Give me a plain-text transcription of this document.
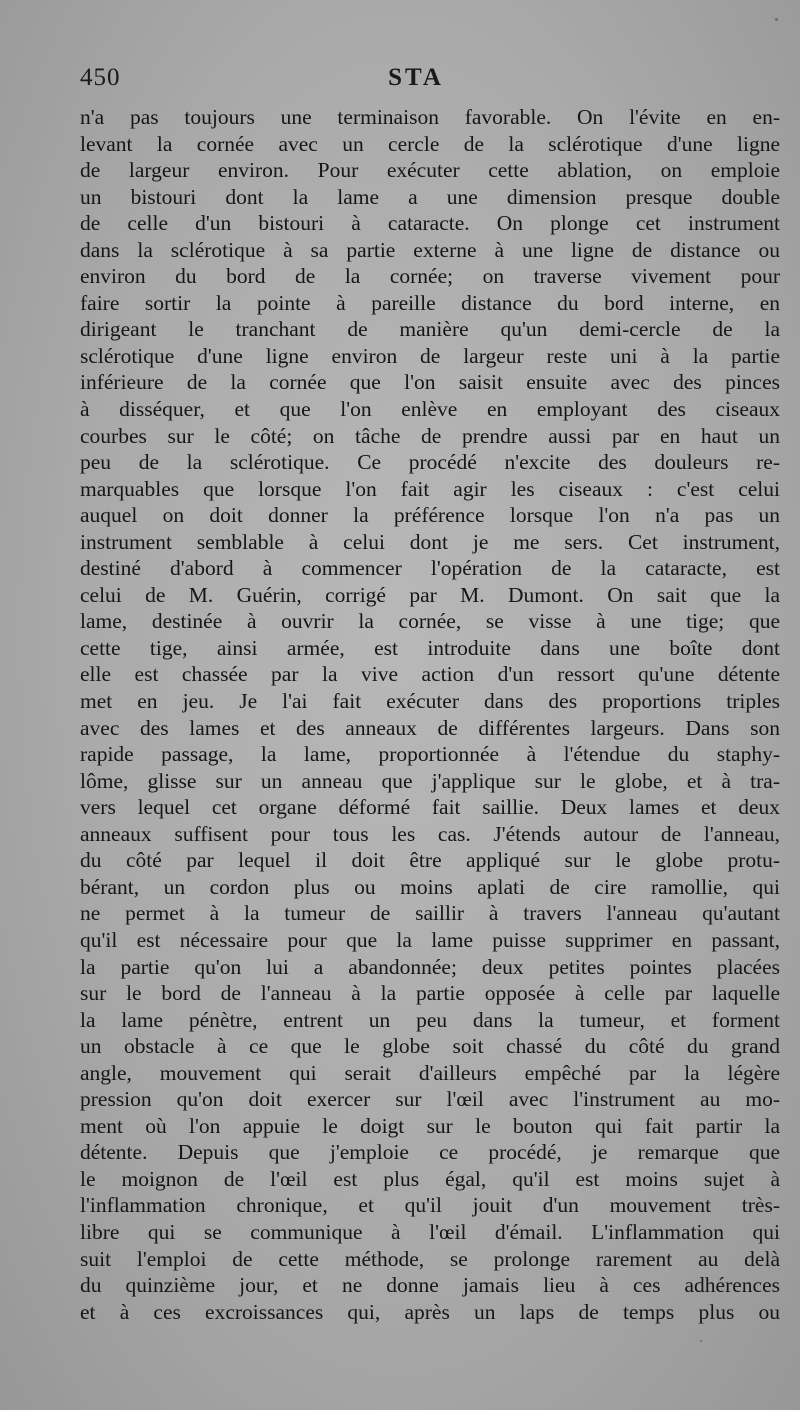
450	STA
n'a pas toujours une terminaison favorable. On l'évite en en-
levant la cornée avec un cercle de la sclérotique d'une ligne
de largeur environ. Pour exécuter cette ablation, on emploie
un bistouri dont la lame a une dimension presque double
de celle d'un bistouri à cataracte. On plonge cet instrument
dans la sclérotique à sa partie externe à une ligne de distance ou
environ du bord de la cornée; on traverse vivement pour
faire sortir la pointe à pareille distance du bord interne, en
dirigeant le tranchant de manière qu'un demi-cercle de la
sclérotique d'une ligne environ de largeur reste uni à la partie
inférieure de la cornée que l'on saisit ensuite avec des pinces
à disséquer, et que l'on enlève en employant des ciseaux
courbes sur le côté; on tâche de prendre aussi par en haut un
peu de la sclérotique. Ce procédé n'excite des douleurs re-
marquables que lorsque l'on fait agir les ciseaux : c'est celui
auquel on doit donner la préférence lorsque l'on n'a pas un
instrument semblable à celui dont je me sers. Cet instrument,
destiné d'abord à commencer l'opération de la cataracte, est
celui de M. Guérin, corrigé par M. Dumont. On sait que la
lame, destinée à ouvrir la cornée, se visse à une tige; que
cette tige, ainsi armée, est introduite dans une boîte dont
elle est chassée par la vive action d'un ressort qu'une détente
met en jeu. Je l'ai fait exécuter dans des proportions triples
avec des lames et des anneaux de différentes largeurs. Dans son
rapide passage, la lame, proportionnée à l'étendue du staphy-
lôme, glisse sur un anneau que j'applique sur le globe, et à tra-
vers lequel cet organe déformé fait saillie. Deux lames et deux
anneaux suffisent pour tous les cas. J'étends autour de l'anneau,
du côté par lequel il doit être appliqué sur le globe protu-
bérant, un cordon plus ou moins aplati de cire ramollie, qui
ne permet à la tumeur de saillir à travers l'anneau qu'autant
qu'il est nécessaire pour que la lame puisse supprimer en passant,
la partie qu'on lui a abandonnée; deux petites pointes placées
sur le bord de l'anneau à la partie opposée à celle par laquelle
la lame pénètre, entrent un peu dans la tumeur, et forment
un obstacle à ce que le globe soit chassé du côté du grand
angle, mouvement qui serait d'ailleurs empêché par la légère
pression qu'on doit exercer sur l'œil avec l'instrument au mo-
ment où l'on appuie le doigt sur le bouton qui fait partir la
détente. Depuis que j'emploie ce procédé, je remarque que
le moignon de l'œil est plus égal, qu'il est moins sujet à
l'inflammation chronique, et qu'il jouit d'un mouvement très-
libre qui se communique à l'œil d'émail. L'inflammation qui
suit l'emploi de cette méthode, se prolonge rarement au delà
du quinzième jour, et ne donne jamais lieu à ces adhérences
et à ces excroissances qui, après un laps de temps plus ou
